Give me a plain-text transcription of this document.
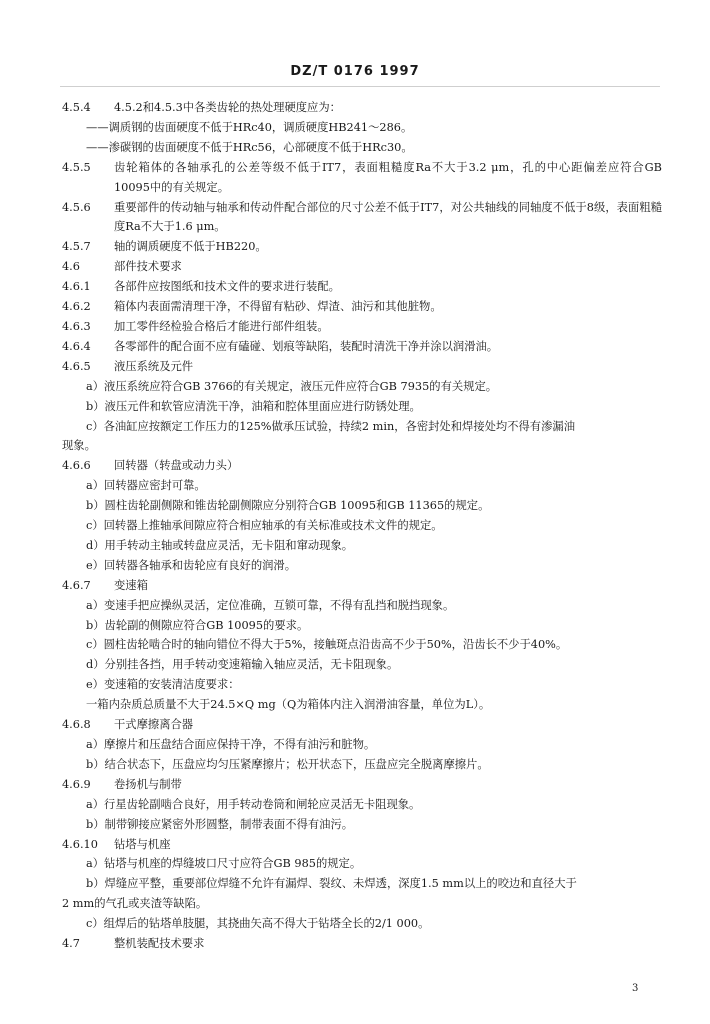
DZ/T 0176 1997
4.5.4	4.5.2和4.5.3中各类齿轮的热处理硬度应为：
——调质钢的齿面硬度不低于HRc40，调质硬度HB241～286。
——渗碳钢的齿面硬度不低于HRc56，心部硬度不低于HRc30。
4.5.5	齿轮箱体的各轴承孔的公差等级不低于IT7，表面粗糙度Ra不大于3.2 μm，孔的中心距偏差应符合GB 10095中的有关规定。
4.5.6	重要部件的传动轴与轴承和传动件配合部位的尺寸公差不低于IT7，对公共轴线的同轴度不低于8级，表面粗糙度Ra不大于1.6 μm。
4.5.7	轴的调质硬度不低于HB220。
4.6	部件技术要求
4.6.1	各部件应按图纸和技术文件的要求进行装配。
4.6.2	箱体内表面需清理干净，不得留有粘砂、焊渣、油污和其他脏物。
4.6.3	加工零件经检验合格后才能进行部件组装。
4.6.4	各零部件的配合面不应有磕碰、划痕等缺陷，装配时清洗干净并涂以润滑油。
4.6.5	液压系统及元件
a）液压系统应符合GB 3766的有关规定，液压元件应符合GB 7935的有关规定。
b）液压元件和软管应清洗干净，油箱和腔体里面应进行防锈处理。
c）各油缸应按额定工作压力的125%做承压试验，持续2 min，各密封处和焊接处均不得有渗漏油
现象。
4.6.6	回转器（转盘或动力头）
a）回转器应密封可靠。
b）圆柱齿轮副侧隙和锥齿轮副侧隙应分别符合GB 10095和GB 11365的规定。
c）回转器上推轴承间隙应符合相应轴承的有关标准或技术文件的规定。
d）用手转动主轴或转盘应灵活，无卡阻和窜动现象。
e）回转器各轴承和齿轮应有良好的润滑。
4.6.7	变速箱
a）变速手把应操纵灵活，定位准确，互锁可靠，不得有乱挡和脱挡现象。
b）齿轮副的侧隙应符合GB 10095的要求。
c）圆柱齿轮啮合时的轴向错位不得大于5%，接触斑点沿齿高不少于50%，沿齿长不少于40%。
d）分别挂各挡，用手转动变速箱输入轴应灵活，无卡阻现象。
e）变速箱的安装清洁度要求：
一箱内杂质总质量不大于24.5×Q mg（Q为箱体内注入润滑油容量，单位为L）。
4.6.8	干式摩擦离合器
a）摩擦片和压盘结合面应保持干净，不得有油污和脏物。
b）结合状态下，压盘应均匀压紧摩擦片；松开状态下，压盘应完全脱离摩擦片。
4.6.9	卷扬机与制带
a）行星齿轮副啮合良好，用手转动卷筒和闸轮应灵活无卡阻现象。
b）制带铆接应紧密外形圆整，制带表面不得有油污。
4.6.10	钻塔与机座
a）钻塔与机座的焊缝坡口尺寸应符合GB 985的规定。
b）焊缝应平整，重要部位焊缝不允许有漏焊、裂纹、未焊透，深度1.5 mm以上的咬边和直径大于
2 mm的气孔或夹渣等缺陷。
c）组焊后的钻塔单肢腿，其挠曲矢高不得大于钻塔全长的2/1 000。
4.7	整机装配技术要求
3
